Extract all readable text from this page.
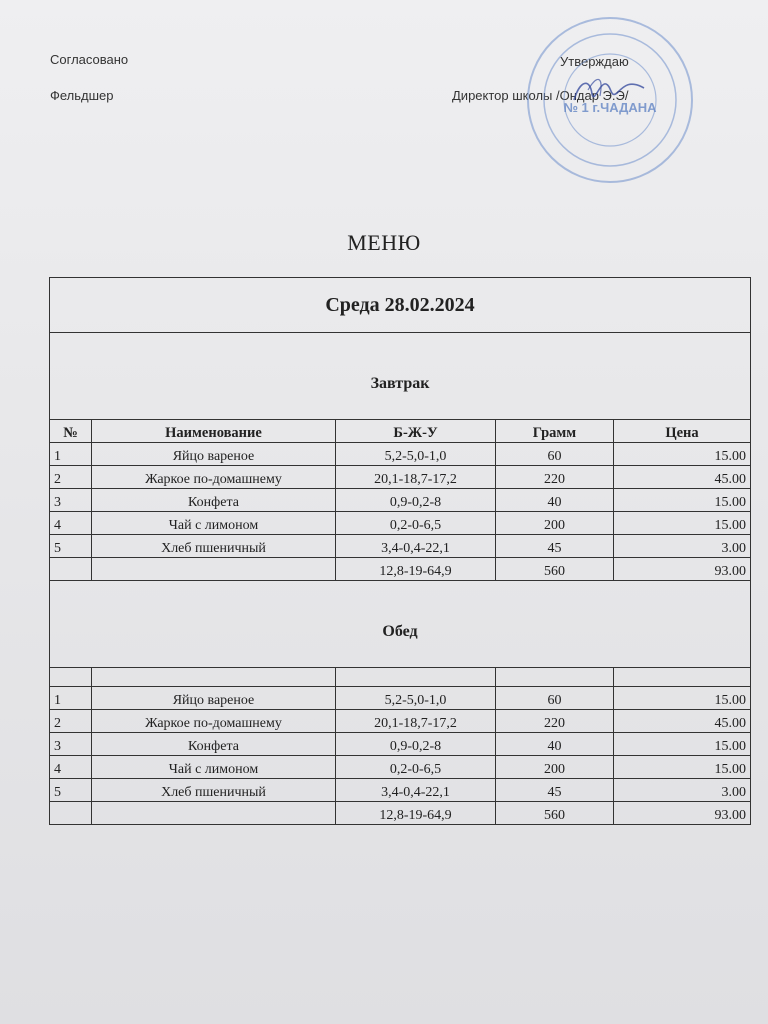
Согласовано
Фельдшер
Утверждаю
Директор школы /Ондар Э.Э/
№ 1 г.ЧАДАНА
МЕНЮ
Среда 28.02.2024				
Завтрак				
№	Наименование	Б-Ж-У	Грамм	Цена
1	Яйцо вареное	5,2-5,0-1,0	60	15.00
2	Жаркое по-домашнему	20,1-18,7-17,2	220	45.00
3	Конфета	0,9-0,2-8	40	15.00
4	Чай с лимоном	0,2-0-6,5	200	15.00
5	Хлеб пшеничный	3,4-0,4-22,1	45	3.00
		12,8-19-64,9	560	93.00
Обед				

1	Яйцо вареное	5,2-5,0-1,0	60	15.00
2	Жаркое по-домашнему	20,1-18,7-17,2	220	45.00
3	Конфета	0,9-0,2-8	40	15.00
4	Чай с лимоном	0,2-0-6,5	200	15.00
5	Хлеб пшеничный	3,4-0,4-22,1	45	3.00
		12,8-19-64,9	560	93.00
